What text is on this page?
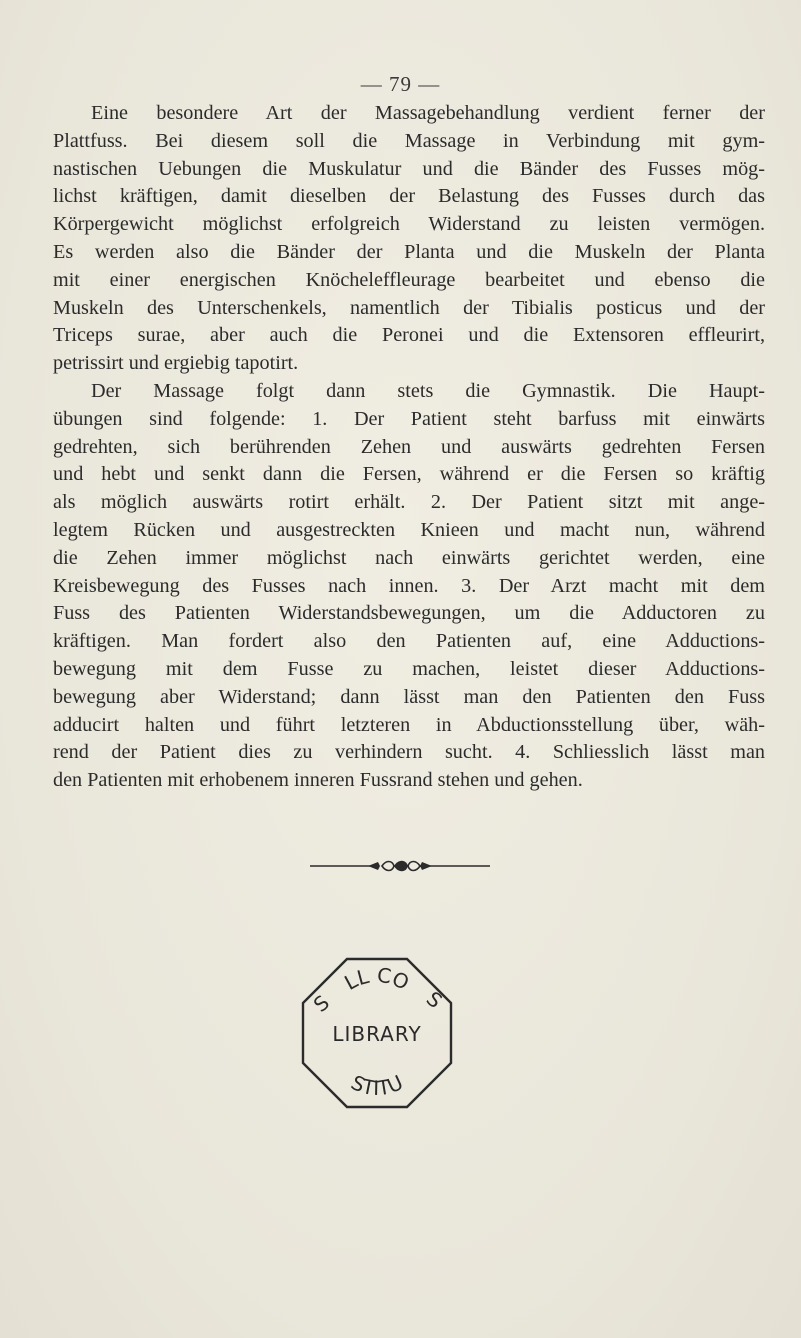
— 79 —
Eine besondere Art der Massagebehandlung verdient ferner der
Plattfuss. Bei diesem soll die Massage in Verbindung mit gym-
nastischen Uebungen die Muskulatur und die Bänder des Fusses mög-
lichst kräftigen, damit dieselben der Belastung des Fusses durch das
Körpergewicht möglichst erfolgreich Widerstand zu leisten vermögen.
Es werden also die Bänder der Planta und die Muskeln der Planta
mit einer energischen Knöcheleffleurage bearbeitet und ebenso die
Muskeln des Unterschenkels, namentlich der Tibialis posticus und der
Triceps surae, aber auch die Peronei und die Extensoren effleurirt,
petrissirt und ergiebig tapotirt.
Der Massage folgt dann stets die Gymnastik. Die Haupt-
übungen sind folgende: 1. Der Patient steht barfuss mit einwärts
gedrehten, sich berührenden Zehen und auswärts gedrehten Fersen
und hebt und senkt dann die Fersen, während er die Fersen so kräftig
als möglich auswärts rotirt erhält. 2. Der Patient sitzt mit ange-
legtem Rücken und ausgestreckten Knieen und macht nun, während
die Zehen immer möglichst nach einwärts gerichtet werden, eine
Kreisbewegung des Fusses nach innen. 3. Der Arzt macht mit dem
Fuss des Patienten Widerstandsbewegungen, um die Adductoren zu
kräftigen. Man fordert also den Patienten auf, eine Adductions-
bewegung mit dem Fusse zu machen, leistet dieser Adductions-
bewegung aber Widerstand; dann lässt man den Patienten den Fuss
adducirt halten und führt letzteren in Abductionsstellung über, wäh-
rend der Patient dies zu verhindern sucht. 4. Schliesslich lässt man
den Patienten mit erhobenem inneren Fussrand stehen und gehen.
LL CO
S	S
LIBRARY
STITU
